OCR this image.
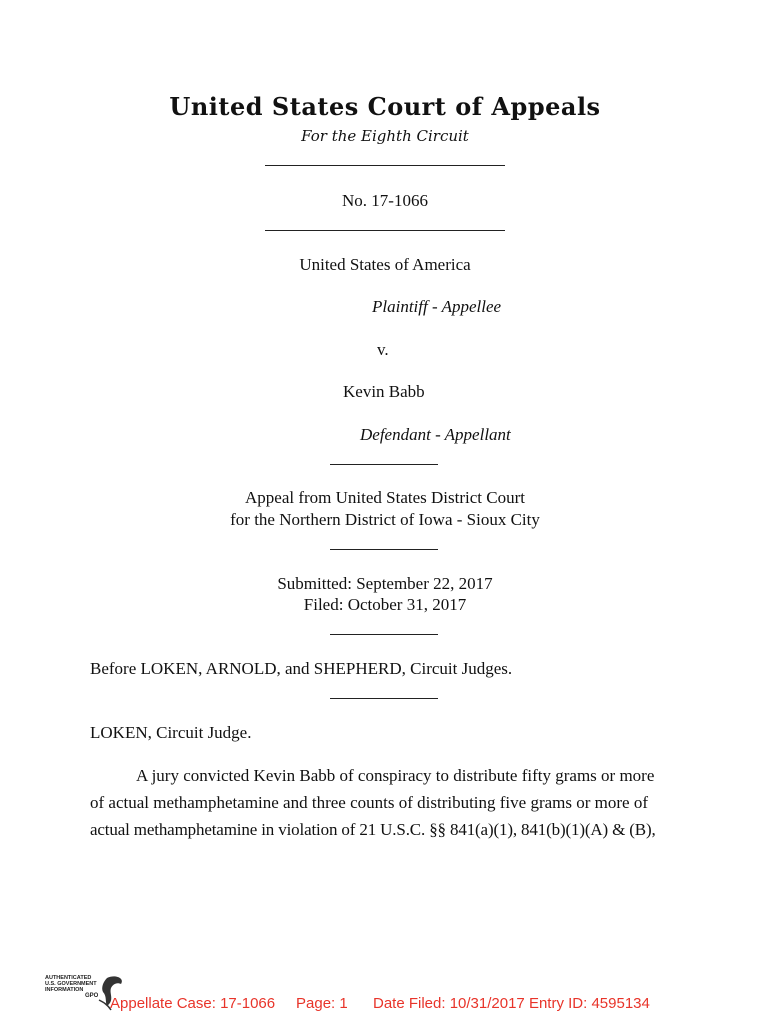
United States Court of Appeals
For the Eighth Circuit
No. 17-1066
United States of America
Plaintiff - Appellee
v.
Kevin Babb
Defendant - Appellant
Appeal from United States District Court
for the Northern District of Iowa - Sioux City
Submitted: September 22, 2017
Filed: October 31, 2017
Before LOKEN, ARNOLD, and SHEPHERD, Circuit Judges.
LOKEN, Circuit Judge.
A jury convicted Kevin Babb of conspiracy to distribute fifty grams or more
of actual methamphetamine and three counts of distributing five grams or more of
actual methamphetamine in violation of 21 U.S.C. §§ 841(a)(1), 841(b)(1)(A) & (B),
AUTHENTICATED
U.S. GOVERNMENT
INFORMATION
GPO Appellate Case: 17-1066 Page: 1 Date Filed: 10/31/2017 Entry ID: 4595134
